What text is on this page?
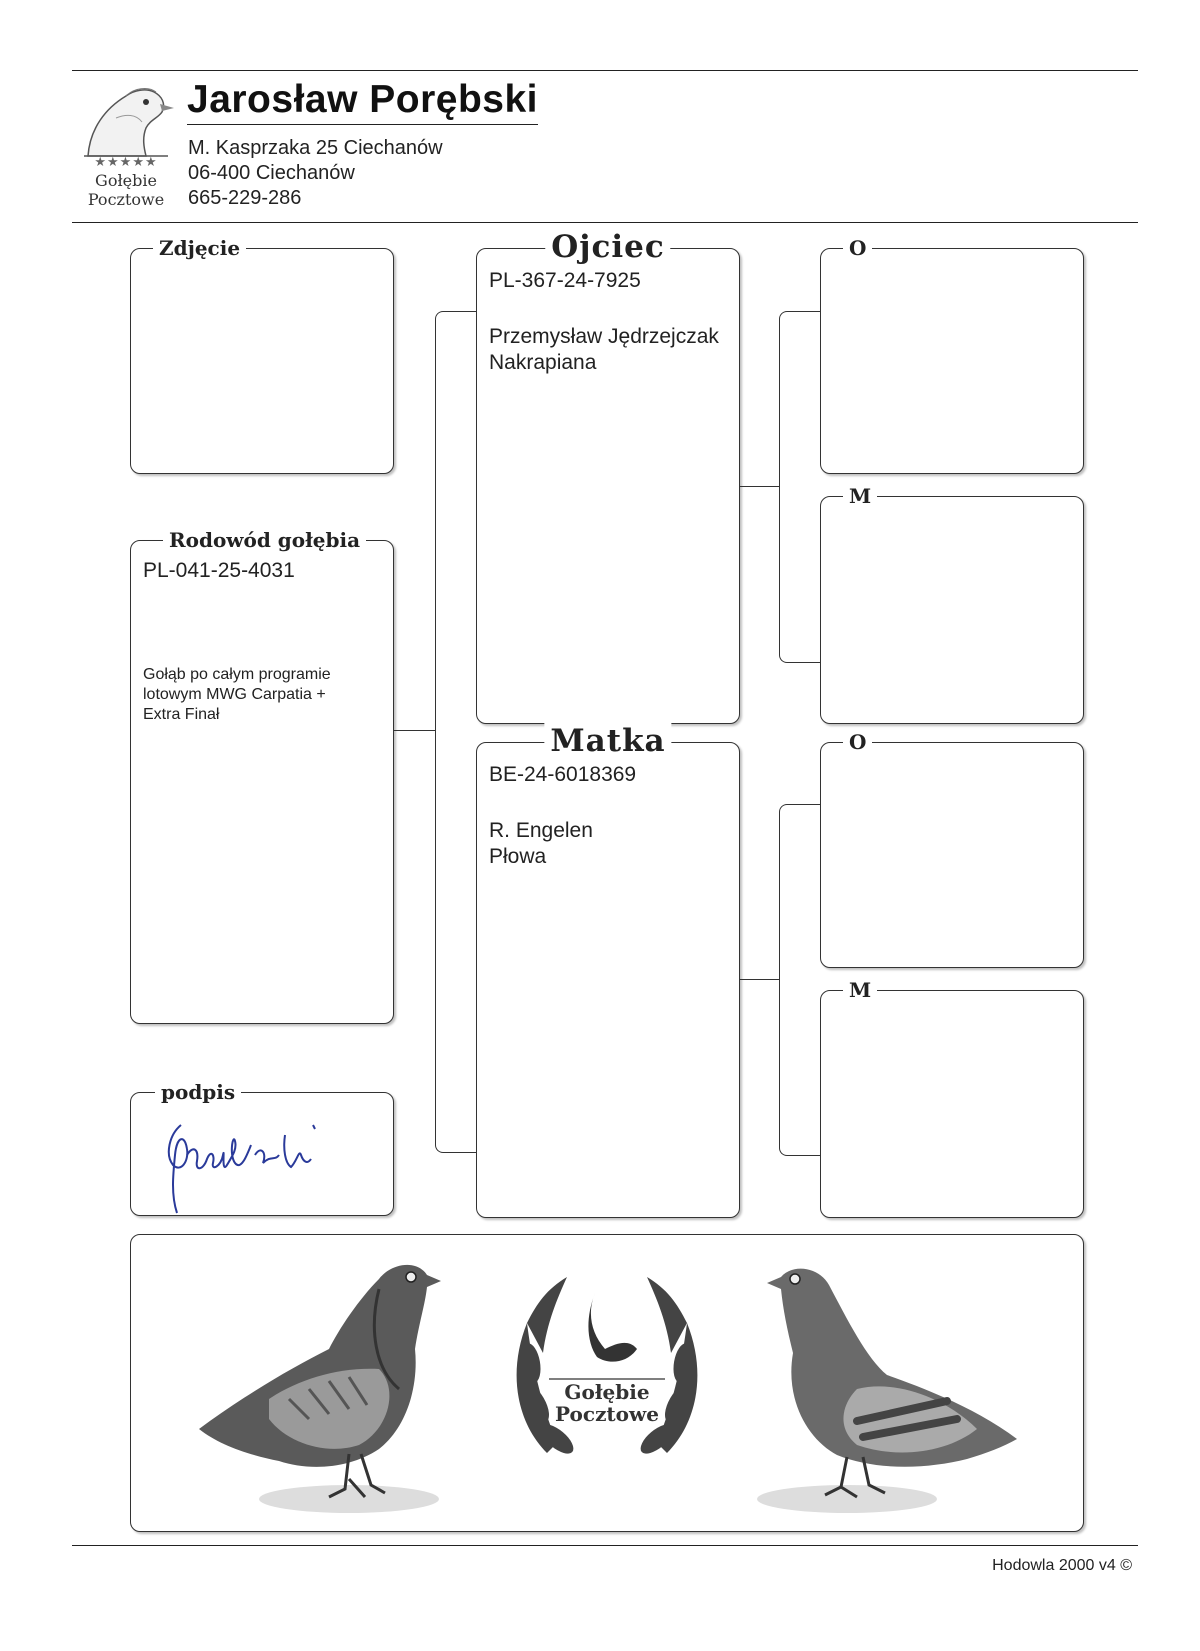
★★★★★
Gołębie
Pocztowe
Jarosław Porębski
M. Kasprzaka 25 Ciechanów
06-400 Ciechanów
665-229-286
Zdjęcie
Rodowód gołębia
PL-041-25-4031
Gołąb po całym programie lotowym MWG Carpatia + Extra Finał
podpis
Ojciec
PL-367-24-7925
Przemysław Jędrzejczak
Nakrapiana
Matka
BE-24-6018369
R. Engelen
Płowa
O
M
O
M
Gołębie
Pocztowe
Hodowla 2000 v4 ©
